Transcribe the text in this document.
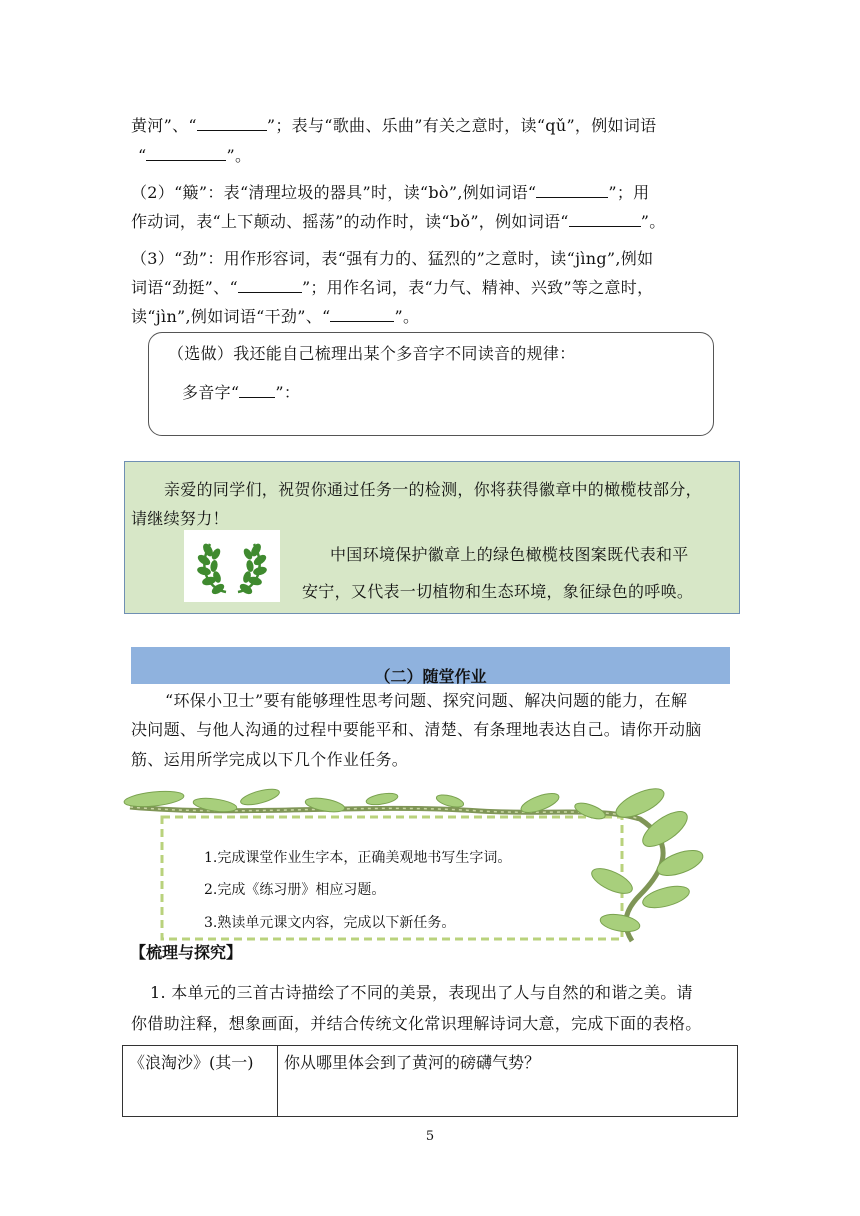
黄河”、“	”；表与“歌曲、乐曲”有关之意时，读“qǔ”，例如词语
“	”。
（2）“簸”：表“清理垃圾的器具”时，读“bò”,例如词语“	”；用
作动词，表“上下颠动、摇荡”的动作时，读“bǒ”，例如词语“	”。
（3）“劲”：用作形容词，表“强有力的、猛烈的”之意时，读“jìng”,例如
词语“劲挺”、“	”；用作名词，表“力气、精神、兴致”等之意时，
读“jìn”,例如词语“干劲”、“	”。
（选做）我还能自己梳理出某个多音字不同读音的规律：
多音字“ ”：
亲爱的同学们，祝贺你通过任务一的检测，你将获得徽章中的橄榄枝部分，
请继续努力！
中国环境保护徽章上的绿色橄榄枝图案既代表和平
安宁，又代表一切植物和生态环境，象征绿色的呼唤。
（二）随堂作业
“环保小卫士”要有能够理性思考问题、探究问题、解决问题的能力，在解
决问题、与他人沟通的过程中要能平和、清楚、有条理地表达自己。请你开动脑
筋、运用所学完成以下几个作业任务。
1.完成课堂作业生字本，正确美观地书写生字词。
2.完成《练习册》相应习题。
3.熟读单元课文内容，完成以下新任务。
【梳理与探究】
1. 本单元的三首古诗描绘了不同的美景，表现出了人与自然的和谐之美。请
你借助注释，想象画面，并结合传统文化常识理解诗词大意，完成下面的表格。
《浪淘沙》(其一)	你从哪里体会到了黄河的磅礴气势？
5
